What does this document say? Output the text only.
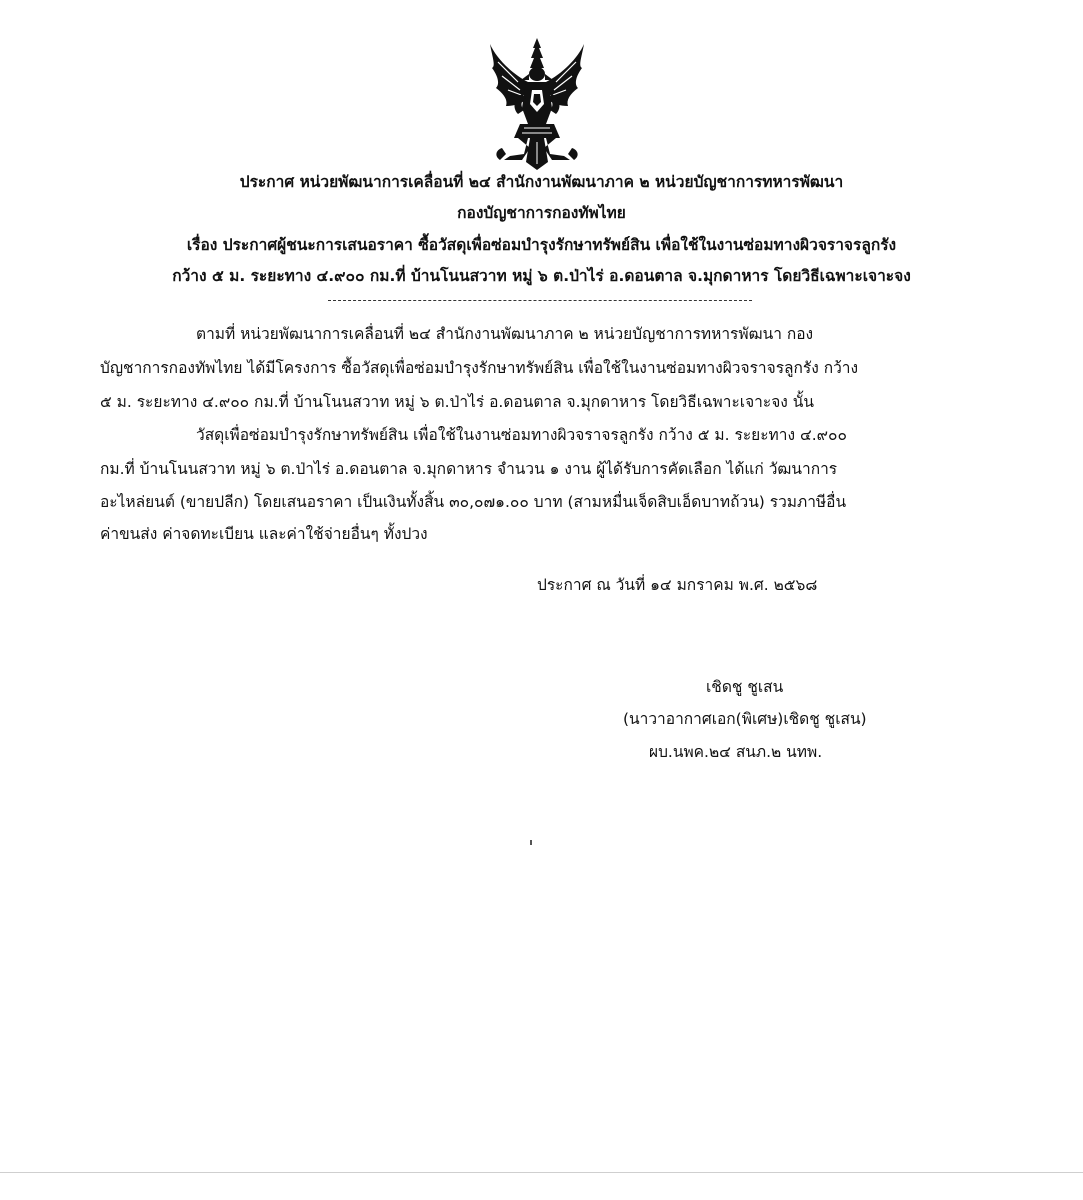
ประกาศ หน่วยพัฒนาการเคลื่อนที่ ๒๔ สำนักงานพัฒนาภาค ๒ หน่วยบัญชาการทหารพัฒนา
กองบัญชาการกองทัพไทย
เรื่อง ประกาศผู้ชนะการเสนอราคา ซื้อวัสดุเพื่อซ่อมบำรุงรักษาทรัพย์สิน เพื่อใช้ในงานซ่อมทางผิวจราจรลูกรัง
กว้าง ๕ ม. ระยะทาง ๔.๙๐๐ กม.ที่ บ้านโนนสวาท หมู่ ๖ ต.ป่าไร่ อ.ดอนตาล จ.มุกดาหาร โดยวิธีเฉพาะเจาะจง
ตามที่ หน่วยพัฒนาการเคลื่อนที่ ๒๔ สำนักงานพัฒนาภาค ๒ หน่วยบัญชาการทหารพัฒนา กอง
บัญชาการกองทัพไทย ได้มีโครงการ ซื้อวัสดุเพื่อซ่อมบำรุงรักษาทรัพย์สิน เพื่อใช้ในงานซ่อมทางผิวจราจรลูกรัง กว้าง
๕ ม. ระยะทาง ๔.๙๐๐ กม.ที่ บ้านโนนสวาท หมู่ ๖ ต.ป่าไร่ อ.ดอนตาล จ.มุกดาหาร โดยวิธีเฉพาะเจาะจง นั้น
วัสดุเพื่อซ่อมบำรุงรักษาทรัพย์สิน เพื่อใช้ในงานซ่อมทางผิวจราจรลูกรัง กว้าง ๕ ม. ระยะทาง ๔.๙๐๐
กม.ที่ บ้านโนนสวาท หมู่ ๖ ต.ป่าไร่ อ.ดอนตาล จ.มุกดาหาร จำนวน ๑ งาน ผู้ได้รับการคัดเลือก ได้แก่ วัฒนาการ
อะไหล่ยนต์ (ขายปลีก) โดยเสนอราคา เป็นเงินทั้งสิ้น ๓๐,๐๗๑.๐๐ บาท (สามหมื่นเจ็ดสิบเอ็ดบาทถ้วน) รวมภาษีอื่น
ค่าขนส่ง ค่าจดทะเบียน และค่าใช้จ่ายอื่นๆ ทั้งปวง
ประกาศ ณ วันที่ ๑๔ มกราคม พ.ศ. ๒๕๖๘
เชิดชู ชูเสน
(นาวาอากาศเอก(พิเศษ)เชิดชู ชูเสน)
ผบ.นพค.๒๔ สนภ.๒ นทพ.
